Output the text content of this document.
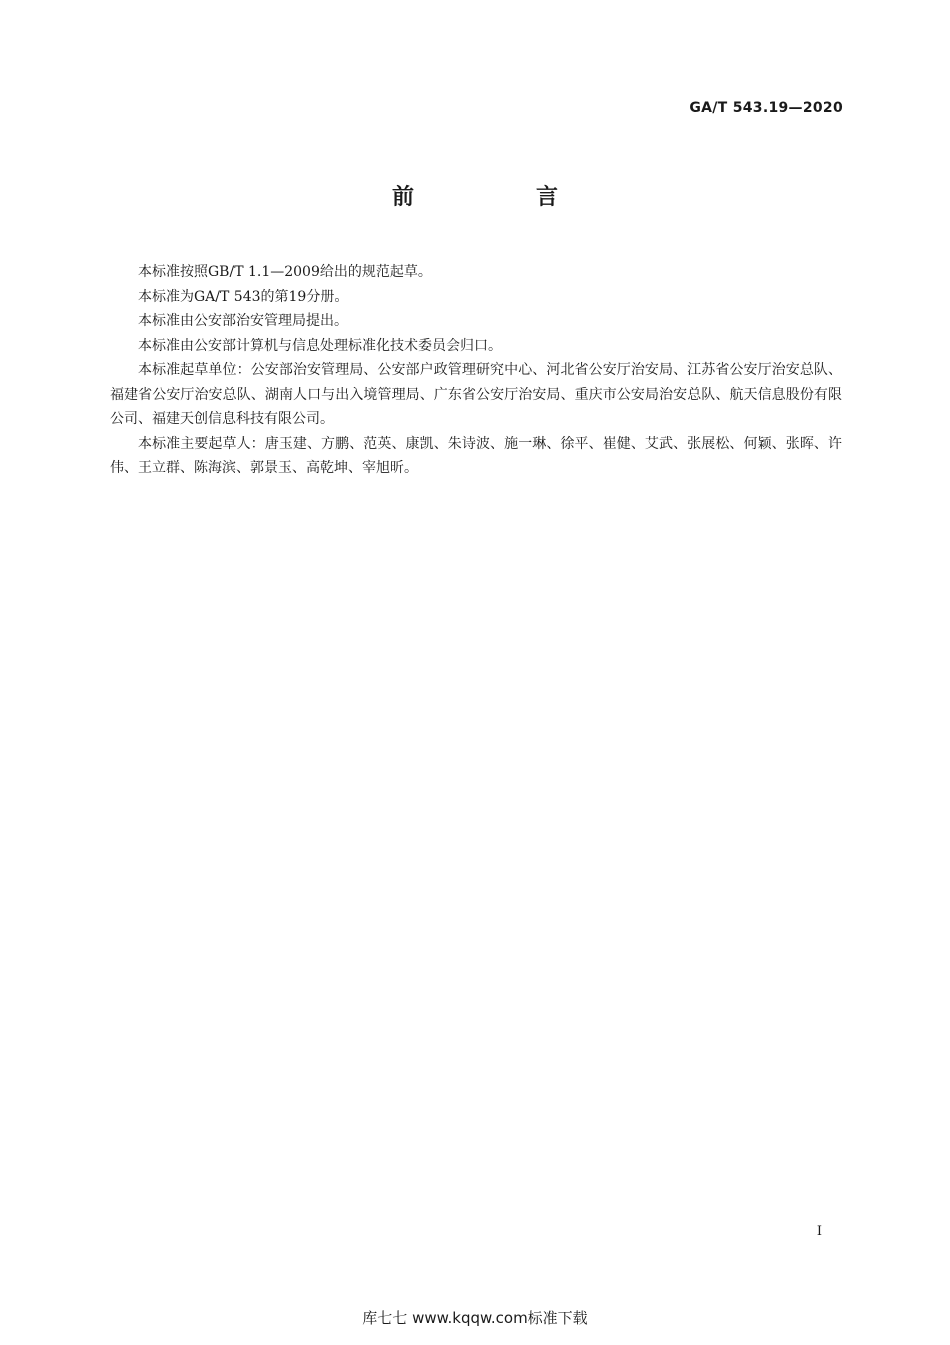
GA/T 543.19—2020
前　言

本标准按照GB/T 1.1—2009给出的规范起草。

本标准为GA/T 543的第19分册。

本标准由公安部治安管理局提出。

本标准由公安部计算机与信息处理标准化技术委员会归口。

本标准起草单位：公安部治安管理局、公安部户政管理研究中心、河北省公安厅治安局、江苏省公安厅治安总队、福建省公安厅治安总队、湖南人口与出入境管理局、广东省公安厅治安局、重庆市公安局治安总队、航天信息股份有限公司、福建天创信息科技有限公司。

本标准主要起草人：唐玉建、方鹏、范英、康凯、朱诗波、施一琳、徐平、崔健、艾武、张展松、何颖、张晖、许伟、王立群、陈海滨、郭景玉、高乾坤、宰旭昕。

I
库七七 www.kqqw.com标准下载
